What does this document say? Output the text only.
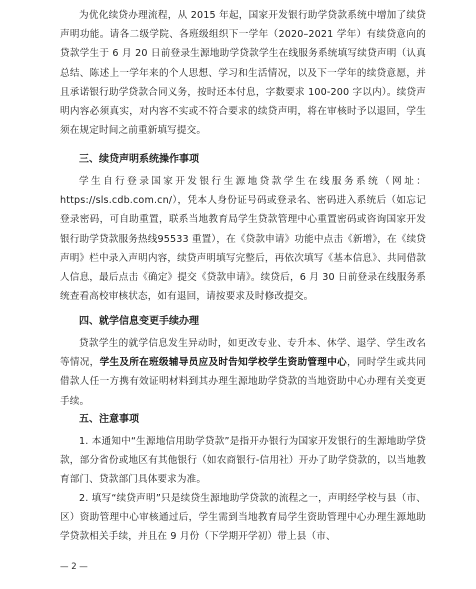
为优化续贷办理流程，从 2015 年起，国家开发银行助学贷款系统中增加了续贷声明功能。请各二级学院、各班级组织下一学年（2020–2021 学年）有续贷意向的贷款学生于 6 月 20 日前登录生源地助学贷款学生在线服务系统填写续贷声明（认真总结、陈述上一学年来的个人思想、学习和生活情况，以及下一学年的续贷意愿，并且承诺银行助学贷款合同义务，按时还本付息，字数要求 100-200 字以内）。续贷声明内容必须真实，对内容不实或不符合要求的续贷声明，将在审核时予以退回，学生须在规定时间之前重新填写提交。

三、续贷声明系统操作事项

学生自行登录国家开发银行生源地贷款学生在线服务系统（网址：https://sls.cdb.com.cn/），凭本人身份证号码或登录名、密码进入系统后（如忘记登录密码，可自助重置，联系当地教育局学生贷款管理中心重置密码或咨询国家开发银行助学贷款服务热线95533 重置），在《贷款申请》功能中点击《新增》，在《续贷声明》栏中录入声明内容，续贷声明填写完整后，再依次填写《基本信息》、共同借款人信息，最后点击《确定》提交《贷款申请》。续贷后，6 月 30 日前登录在线服务系统查看高校审核状态，如有退回，请按要求及时修改提交。

四、就学信息变更手续办理

贷款学生的就学信息发生异动时，如更改专业、专升本、休学、退学、学生改名等情况，学生及所在班级辅导员应及时告知学校学生资助管理中心，同时学生或共同借款人任一方携有效证明材料到其办理生源地助学贷款的当地资助中心办理有关变更手续。

五、注意事项

1. 本通知中“生源地信用助学贷款”是指开办银行为国家开发银行的生源地助学贷款，部分省份或地区有其他银行（如农商银行-信用社）开办了助学贷款的，以当地教育部门、贷款部门具体要求为准。

2. 填写“续贷声明”只是续贷生源地助学贷款的流程之一，声明经学校与县（市、区）资助管理中心审核通过后，学生需到当地教育局学生资助管理中心办理生源地助学贷款相关手续，并且在 9 月份（下学期开学初）带上县（市、

— 2 —
